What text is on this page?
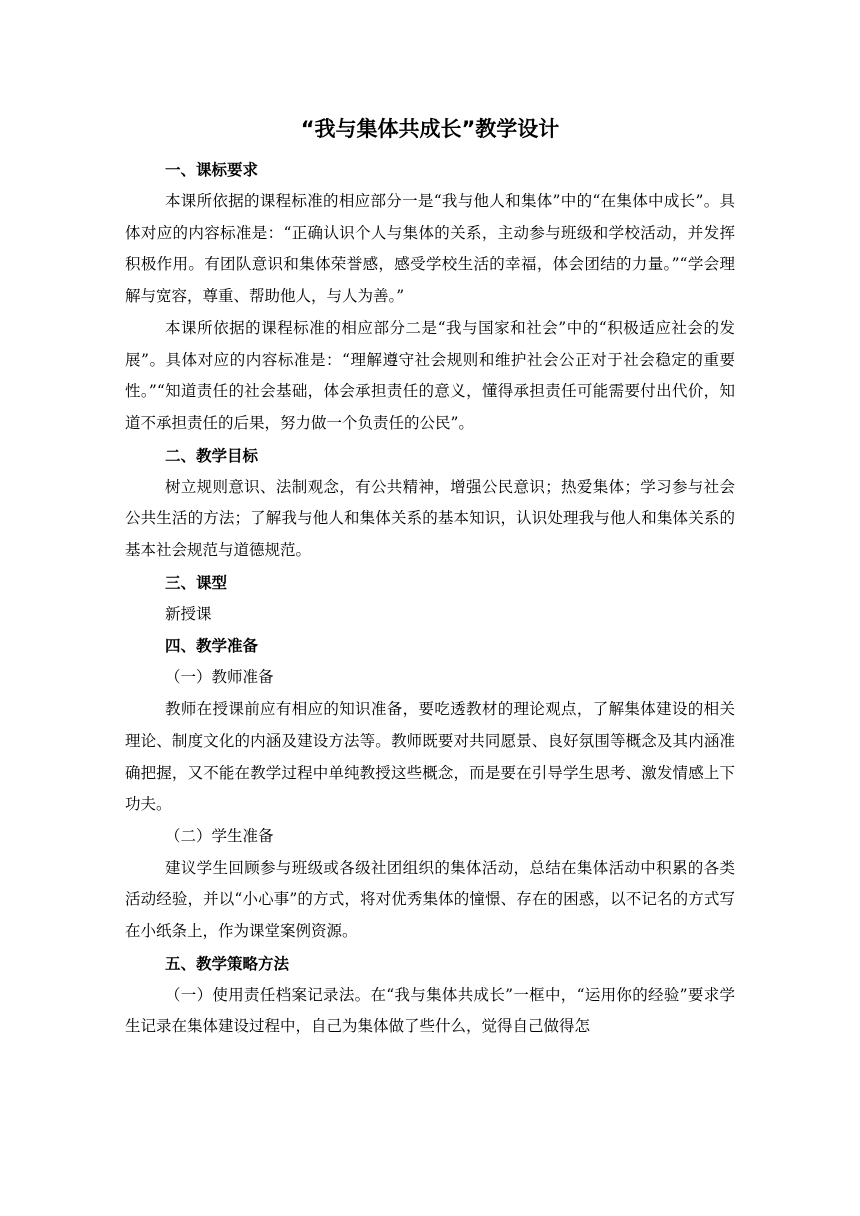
“我与集体共成长”教学设计
一、课标要求

本课所依据的课程标准的相应部分一是“我与他人和集体”中的“在集体中成长”。具体对应的内容标准是：“正确认识个人与集体的关系，主动参与班级和学校活动，并发挥积极作用。有团队意识和集体荣誉感，感受学校生活的幸福，体会团结的力量。”“学会理解与宽容，尊重、帮助他人，与人为善。”

本课所依据的课程标准的相应部分二是“我与国家和社会”中的“积极适应社会的发展”。具体对应的内容标准是：“理解遵守社会规则和维护社会公正对于社会稳定的重要性。”“知道责任的社会基础，体会承担责任的意义，懂得承担责任可能需要付出代价，知道不承担责任的后果，努力做一个负责任的公民”。

二、教学目标

树立规则意识、法制观念，有公共精神，增强公民意识；热爱集体；学习参与社会公共生活的方法；了解我与他人和集体关系的基本知识，认识处理我与他人和集体关系的基本社会规范与道德规范。

三、课型

新授课

四、教学准备

（一）教师准备

教师在授课前应有相应的知识准备，要吃透教材的理论观点，了解集体建设的相关理论、制度文化的内涵及建设方法等。教师既要对共同愿景、良好氛围等概念及其内涵准确把握，又不能在教学过程中单纯教授这些概念，而是要在引导学生思考、激发情感上下功夫。

（二）学生准备

建议学生回顾参与班级或各级社团组织的集体活动，总结在集体活动中积累的各类活动经验，并以“小心事”的方式，将对优秀集体的憧憬、存在的困惑，以不记名的方式写在小纸条上，作为课堂案例资源。

五、教学策略方法

（一）使用责任档案记录法。在“我与集体共成长”一框中，“运用你的经验”要求学生记录在集体建设过程中，自己为集体做了些什么，觉得自己做得怎
